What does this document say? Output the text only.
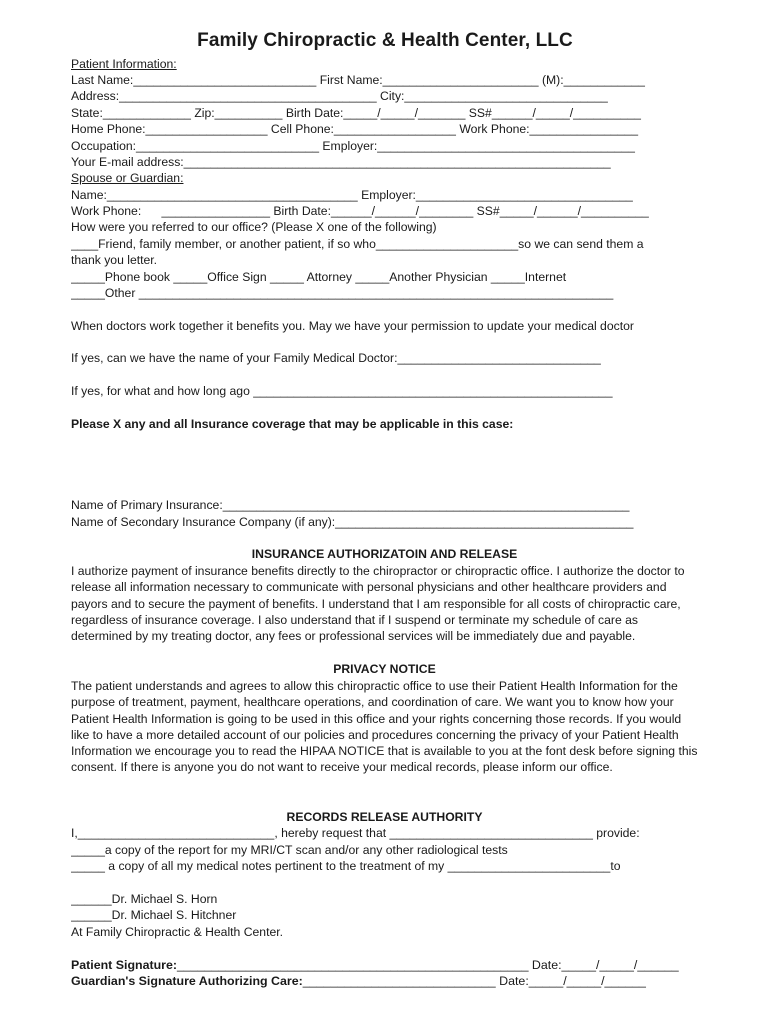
Family Chiropractic & Health Center, LLC
Patient Information:
Last Name:___________________________ First Name:_______________________ (M):____________
Address:______________________________________ City:______________________________
State:_____________ Zip:__________ Birth Date:_____/_____/_______ SS#______/_____/__________
Home Phone:__________________ Cell Phone:__________________ Work Phone:________________
Occupation:___________________________ Employer:______________________________________
Your E-mail address:_______________________________________________________________
Spouse or Guardian:
Name:_____________________________________ Employer:________________________________
Work Phone:      ________________ Birth Date:______/______/________ SS#_____/______/__________
How were you referred to our office? (Please X one of the following)
____Friend, family member, or another patient, if so who_____________________so we can send them a
thank you letter.
_____Phone book _____Office Sign _____ Attorney _____Another Physician _____Internet
_____Other ______________________________________________________________________
When doctors work together it benefits you. May we have your permission to update your medical doctor

If yes, can we have the name of your Family Medical Doctor:______________________________

If yes, for what and how long ago _____________________________________________________
Please X any and all Insurance coverage that may be applicable in this case:

Name of Primary Insurance:____________________________________________________________
Name of Secondary Insurance Company (if any):____________________________________________
INSURANCE AUTHORIZATOIN AND RELEASE
I authorize payment of insurance benefits directly to the chiropractor or chiropractic office. I authorize the doctor to release all information necessary to communicate with personal physicians and other healthcare providers and payors and to secure the payment of benefits. I understand that I am responsible for all costs of chiropractic care, regardless of insurance coverage. I also understand that if I suspend or terminate my schedule of care as determined by my treating doctor, any fees or professional services will be immediately due and payable.
PRIVACY NOTICE
The patient understands and agrees to allow this chiropractic office to use their Patient Health Information for the purpose of treatment, payment, healthcare operations, and coordination of care. We want you to know how your Patient Health Information is going to be used in this office and your rights concerning those records. If you would like to have a more detailed account of our policies and procedures concerning the privacy of your Patient Health Information we encourage you to read the HIPAA NOTICE that is available to you at the font desk before signing this consent. If there is anyone you do not want to receive your medical records, please inform our office.
RECORDS RELEASE AUTHORITY
I,_____________________________, hereby request that ______________________________ provide:
_____a copy of the report for my MRI/CT scan and/or any other radiological tests
_____ a copy of all my medical notes pertinent to the treatment of my ________________________to
______Dr. Michael S. Horn
______Dr. Michael S. Hitchner
At Family Chiropractic & Health Center.
Patient Signature:___________________________________________________ Date:_____/_____/______
Guardian's Signature Authorizing Care:____________________________ Date:_____/_____/______
